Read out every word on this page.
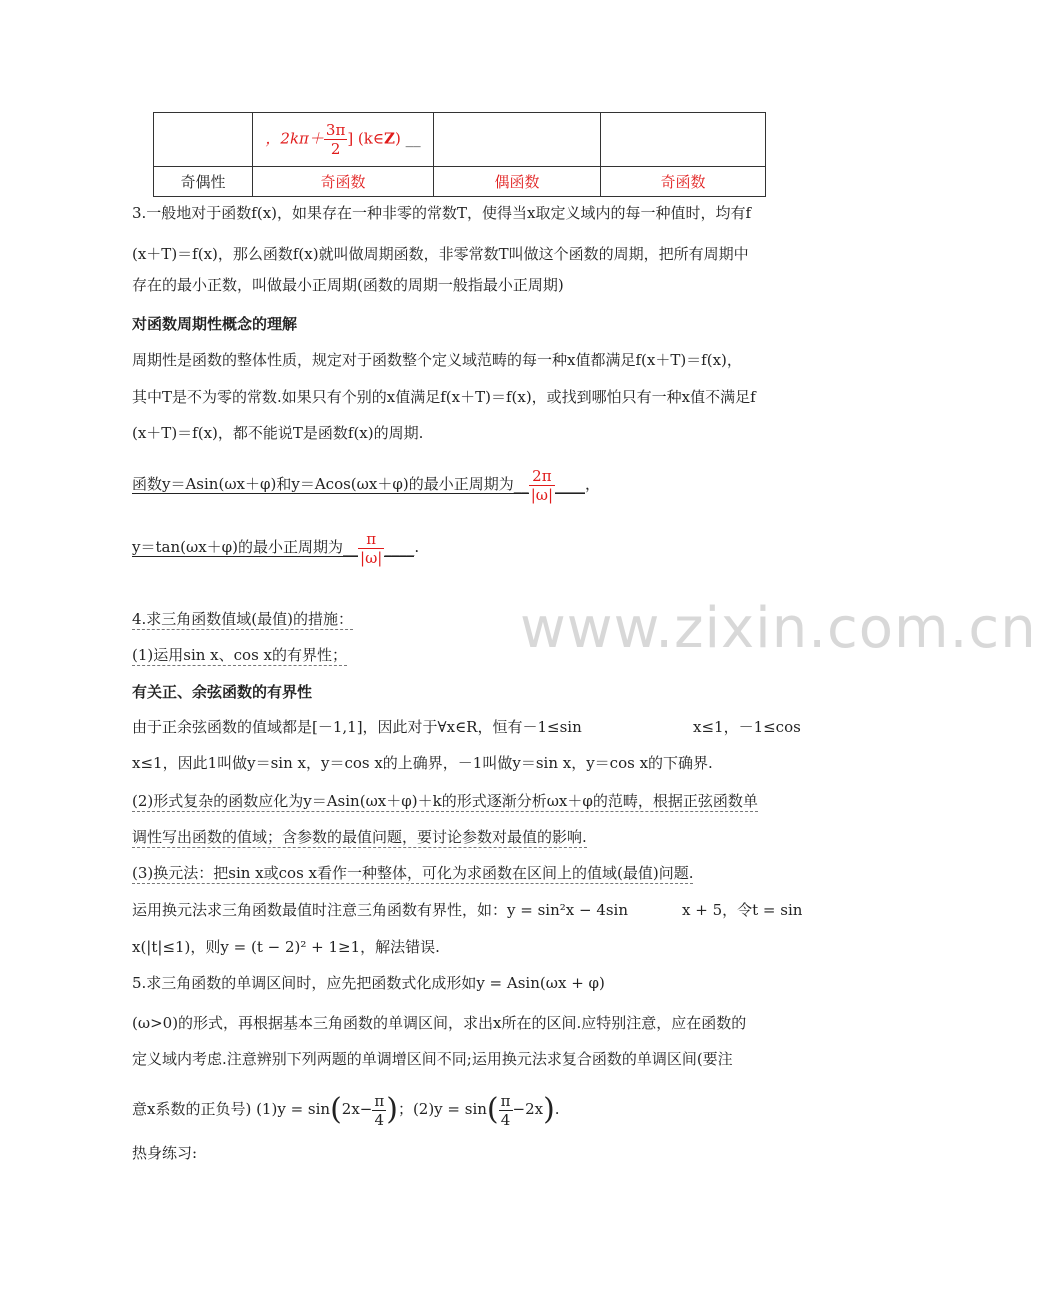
	，$2k\pi+ \frac{3\pi}{2}$ ] (k∈Z) __		
奇偶性	奇函数	偶函数	奇函数
3.一般地对于函数f(x)，如果存在一种非零的常数T，使得当x取定义域内的每一种值时，均有f
(x＋T)＝f(x)，那么函数f(x)就叫做周期函数，非零常数T叫做这个函数的周期，把所有周期中
存在的最小正数，叫做最小正周期(函数的周期一般指最小正周期)
对函数周期性概念的理解
周期性是函数的整体性质，规定对于函数整个定义域范畴的每一种x值都满足f(x＋T)＝f(x)，
其中T是不为零的常数.如果只有个别的x值满足f(x＋T)＝f(x)，或找到哪怕只有一种x值不满足f
(x＋T)＝f(x)，都不能说T是函数f(x)的周期.
函数y＝Asin(ωx＋φ)和y＝Acos(ωx＋φ)的最小正周期为__ $\frac{2\pi}{|\omega|}$ ____，
y＝tan(ωx＋φ)的最小正周期为__ $\frac{\pi}{|\omega|}$ ____.
www.zixin.com.cn
4.求三角函数值域(最值)的措施：
(1)运用sin x、cos x的有界性；
有关正、余弦函数的有界性
由于正余弦函数的值域都是[－1,1]，因此对于∀x∈R，恒有－1≤sin	x≤1，－1≤cos
x≤1，因此1叫做y＝sin x，y＝cos x的上确界，－1叫做y＝sin x，y＝cos x的下确界.
(2)形式复杂的函数应化为y＝Asin(ωx＋φ)＋k的形式逐渐分析ωx＋φ的范畴，根据正弦函数单
调性写出函数的值域；含参数的最值问题，要讨论参数对最值的影响.
(3)换元法：把sin x或cos x看作一种整体，可化为求函数在区间上的值域(最值)问题.
运用换元法求三角函数最值时注意三角函数有界性，如：y = sin²x − 4sin	x + 5，令t = sin
x(|t|≤1)，则y = (t − 2)² + 1≥1，解法错误.
5.求三角函数的单调区间时，应先把函数式化成形如y = Asin(ωx + φ)
(ω>0)的形式，再根据基本三角函数的单调区间，求出x所在的区间.应特别注意，应在函数的
定义域内考虑.注意辨别下列两题的单调增区间不同;运用换元法求复合函数的单调区间(要注
意x系数的正负号) $(1)y = \sin(2x- \frac{\pi}{4}$ )；$(2)y = \sin( \frac{\pi}{4} -2x)$.
热身练习:
